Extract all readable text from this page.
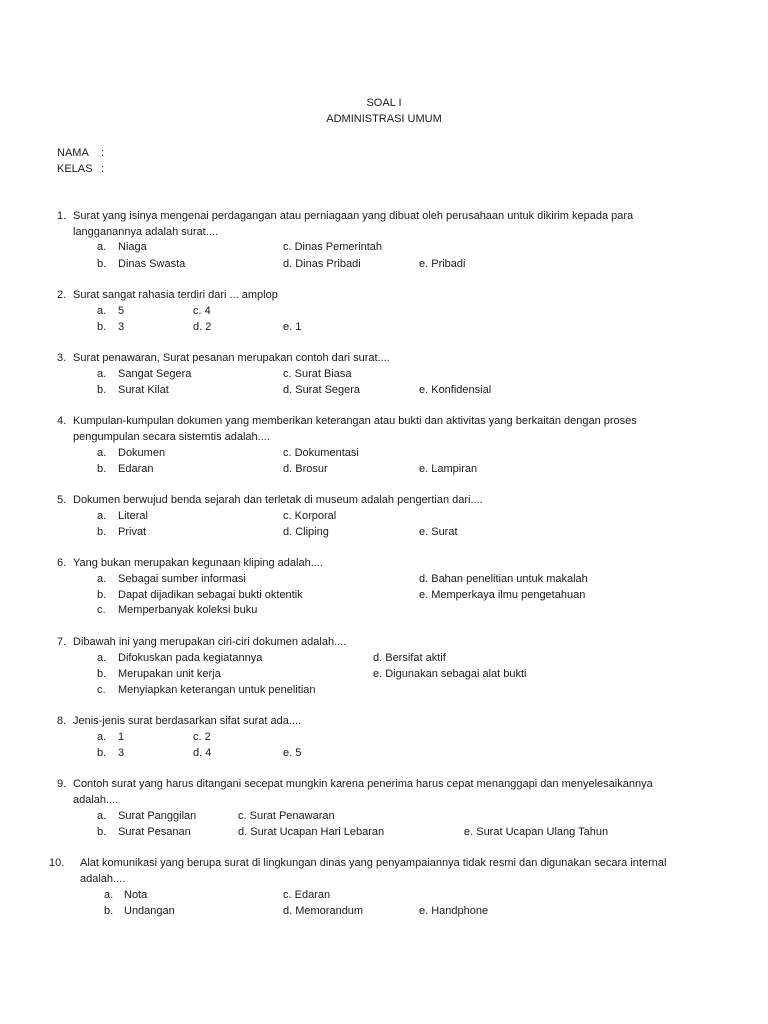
SOAL I
ADMINISTRASI UMUM
NAMA :
KELAS :
1. Surat yang isinya mengenai perdagangan atau perniagaan yang dibuat oleh perusahaan untuk dikirim kepada para
langganannya adalah surat....
a. Niaga	c. Dinas Pemerintah
b. Dinas Swasta	d. Dinas Pribadi	e. Pribadi
2. Surat sangat rahasia terdiri dari ... amplop
a. 5	c. 4
b. 3	d. 2	e. 1
3. Surat penawaran, Surat pesanan merupakan contoh dari surat....
a. Sangat Segera	c. Surat Biasa
b. Surat Kilat	d. Surat Segera	e. Konfidensial
4. Kumpulan-kumpulan dokumen yang memberikan keterangan atau bukti dan aktivitas yang berkaitan dengan proses
pengumpulan secara sistemtis adalah....
a. Dokumen	c. Dokumentasi
b. Edaran	d. Brosur	e. Lampiran
5. Dokumen berwujud benda sejarah dan terletak di museum adalah pengertian dari....
a. Literal	c. Korporal
b. Privat	d. Cliping	e. Surat
6. Yang bukan merupakan kegunaan kliping adalah....
a. Sebagai sumber informasi	d. Bahan penelitian untuk makalah
b. Dapat dijadikan sebagai bukti oktentik	e. Memperkaya ilmu pengetahuan
c. Memperbanyak koleksi buku
7. Dibawah ini yang merupakan ciri-ciri dokumen adalah....
a. Difokuskan pada kegiatannya	d. Bersifat aktif
b. Merupakan unit kerja	e. Digunakan sebagai alat bukti
c. Menyiapkan keterangan untuk penelitian
8. Jenis-jenis surat berdasarkan sifat surat ada....
a. 1	c. 2
b. 3	d. 4	e. 5
9. Contoh surat yang harus ditangani secepat mungkin karena penerima harus cepat menanggapi dan menyelesaikannya
adalah....
a. Surat Panggilan	c. Surat Penawaran
b. Surat Pesanan	d. Surat Ucapan Hari Lebaran	e. Surat Ucapan Ulang Tahun
10. Alat komunikasi yang berupa surat di lingkungan dinas yang penyampaiannya tidak resmi dan digunakan secara internal
adalah....
a. Nota	c. Edaran
b. Undangan	d. Memorandum	e. Handphone
